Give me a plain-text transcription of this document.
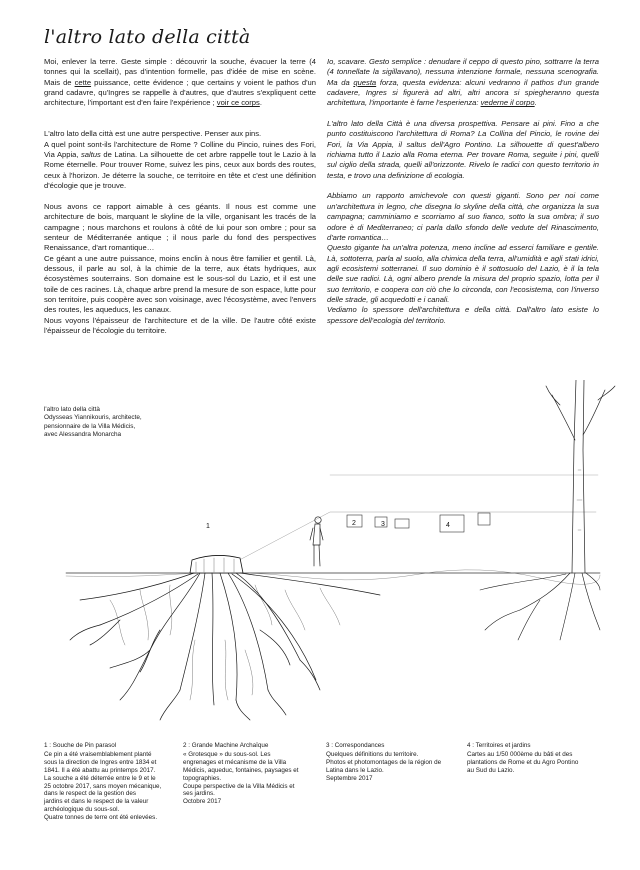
l'altro lato della città

Moi, enlever la terre. Geste simple : découvrir la souche, évacuer la terre (4 tonnes qui la scellait), pas d'intention formelle, pas d'idée de mise en scène. Mais de cette puissance, cette évidence ; que certains y voient le pathos d'un grand cadavre, qu'Ingres se rappelle à d'autres, que d'autres s'expliquent cette architecture, l'important est d'en faire l'expérience ; voir ce corps.

L'altro lato della città est une autre perspective. Penser aux pins.
A quel point sont-ils l'architecture de Rome ? Colline du Pincio, ruines des Fori, Via Appia, saltus de Latina. La silhouette de cet arbre rappelle tout le Lazio à la Rome éternelle. Pour trouver Rome, suivez les pins, ceux aux bords des routes, ceux à l'horizon. Je déterre la souche, ce territoire en tête et c'est une définition d'écologie que je trouve.

Nous avons ce rapport aimable à ces géants. Il nous est comme une architecture de bois, marquant le skyline de la ville, organisant les tracés de la campagne ; nous marchons et roulons à côté de lui pour son ombre ; pour sa senteur de Méditerranée antique ; il nous parle du fond des perspectives Renaissance, d'art romantique…
Ce géant a une autre puissance, moins enclin à nous être familier et gentil. Là, dessous, il parle au sol, à la chimie de la terre, aux états hydriques, aux écosystèmes souterrains. Son domaine est le sous-sol du Lazio, et il est une toile de ces racines. Là, chaque arbre prend la mesure de son espace, lutte pour son territoire, puis coopère avec son voisinage, avec l'écosystème, avec l'envers des routes, les aqueducs, les canaux.
Nous voyons l'épaisseur de l'architecture et de la ville. De l'autre côté existe l'épaisseur de l'écologie du territoire.

Io, scavare. Gesto semplice : denudare il ceppo di questo pino, sottrarre la terra (4 tonnellate la sigillavano), nessuna intenzione formale, nessuna scenografia. Ma da questa forza, questa evidenza: alcuni vedranno il pathos d'un grande cadavere, Ingres si figurerà ad altri, altri ancora si spiegheranno questa architettura, l'importante è farne l'esperienza: vederne il corpo.

L'altro lato della Città è una diversa prospettiva. Pensare ai pini. Fino a che punto costituiscono l'architettura di Roma? La Collina del Pincio, le rovine dei Fori, la Via Appia, il saltus dell'Agro Pontino. La silhouette di quest'albero richiama tutto il Lazio alla Roma eterna. Per trovare Roma, seguite i pini, quelli sul ciglio della strada, quelli all'orizzonte. Rivelo le radici con questo territorio in testa, e trovo una definizione di ecologia.

Abbiamo un rapporto amichevole con questi giganti. Sono per noi come un'architettura in legno, che disegna lo skyline della città, che organizza la sua campagna; camminiamo e scorriamo al suo fianco, sotto la sua ombra; il suo odore è di Mediterraneo; ci parla dallo sfondo delle vedute del Rinascimento, d'arte romantica…
Questo gigante ha un'altra potenza, meno incline ad esserci familiare e gentile. Là, sottoterra, parla al suolo, alla chimica della terra, all'umidità e agli stati idrici, agli ecosistemi sotterranei. Il suo dominio è il sottosuolo del Lazio, è il la tela delle sue radici. Là, ogni albero prende la misura del proprio spazio, lotta per il suo territorio, e coopera con ciò che lo circonda, con l'ecosistema, con l'inverso delle strade, gli acquedotti e i canali.
Vediamo lo spessore dell'architettura e della città. Dall'altro lato esiste lo spessore dell'ecologia del territorio.

l'altro lato della città
Odysseas Yiannikouris, architecte,
pensionnaire de la Villa Médicis,
avec Alessandra Monarcha
1	2	3	4
1 : Souche de Pin parasol
Ce pin a été vraisemblablement planté
sous la direction de Ingres entre 1834 et
1841. Il a été abattu au printemps 2017.
La souche a été déterrée entre le 9 et le
25 octobre 2017, sans moyen mécanique,
dans le respect de la gestion des
jardins et dans le respect de la valeur
archéologique du sous-sol.
Quatre tonnes de terre ont été enlevées.
2 : Grande Machine Archaïque
« Grotesque » du sous-sol. Les
engrenages et mécanisme de la Villa
Médicis, aqueduc, fontaines, paysages et
topographies.
Coupe perspective de la Villa Médicis et
ses jardins.
Octobre 2017
3 : Correspondances
Quelques définitions du territoire.
Photos et photomontages de la région de
Latina dans le Lazio.
Septembre 2017
4 : Territoires et jardins
Cartes au 1/50 000ème du bâti et des
plantations de Rome et du Agro Pontino
au Sud du Lazio.
